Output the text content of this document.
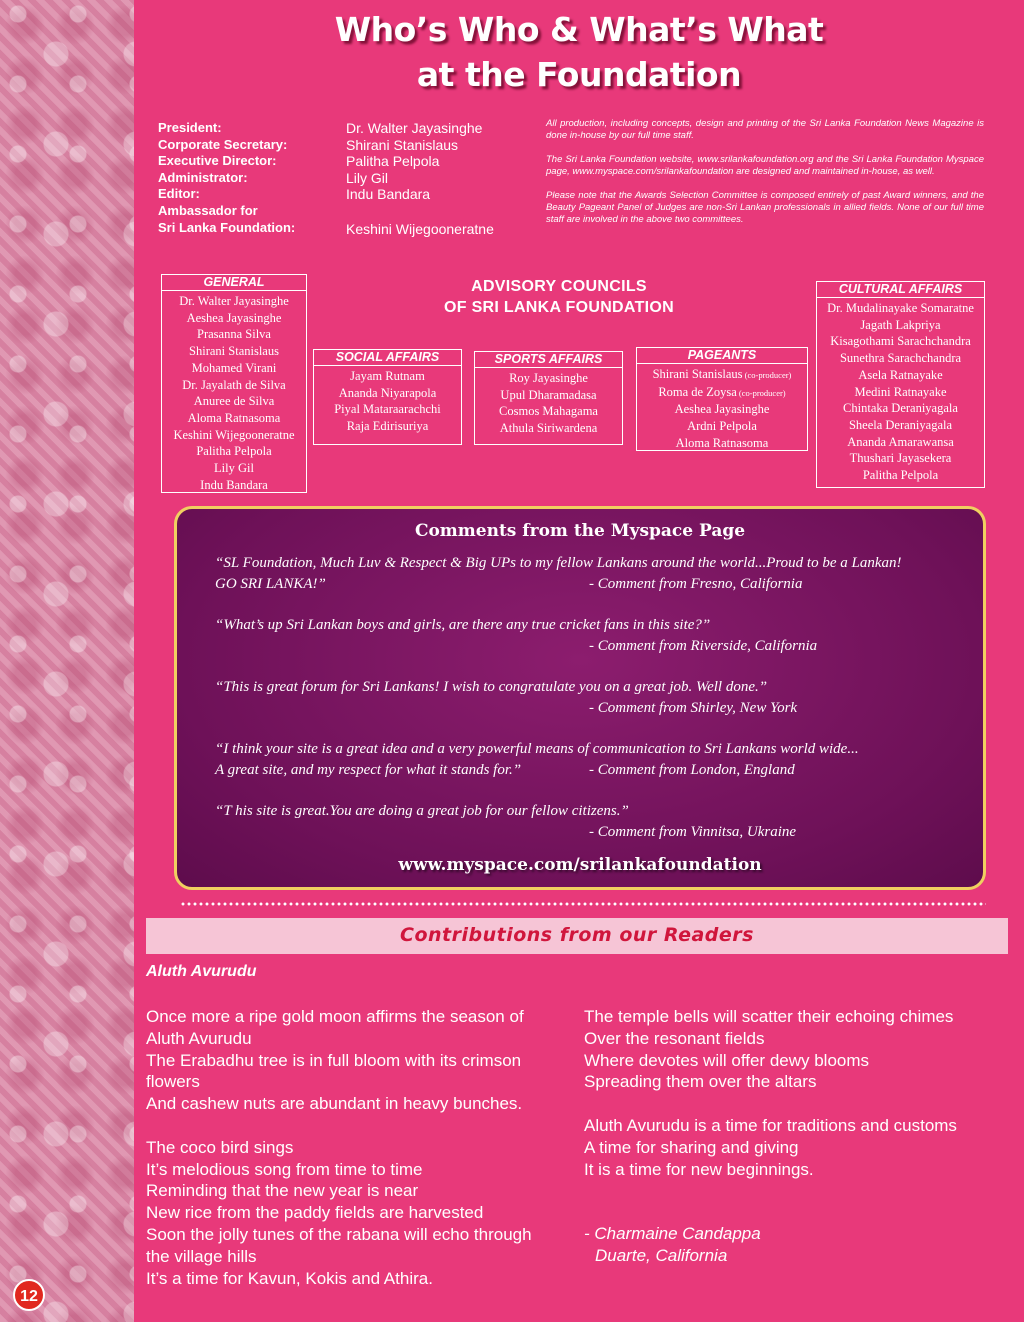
Who’s Who & What’s What
at the Foundation
President:
Corporate Secretary:
Executive Director:
Administrator:
Editor:
Ambassador for
Sri Lanka Foundation:
Dr. Walter Jayasinghe
Shirani Stanislaus
Palitha Pelpola
Lily Gil
Indu Bandara
Keshini Wijegooneratne

All production, including concepts, design and printing of the Sri Lanka Foundation News Magazine is done in-house by our full time staff.

The Sri Lanka Foundation website, www.srilankafoundation.org and the Sri Lanka Foundation Myspace page, www.myspace.com/srilankafoundation are designed and maintained in-house, as well.

Please note that the Awards Selection Committee is composed entirely of past Award winners, and the Beauty Pageant Panel of Judges are non-Sri Lankan professionals in allied fields. None of our full time staff are involved in the above two committees.

ADVISORY COUNCILS
OF SRI LANKA FOUNDATION
GENERAL
Dr. Walter Jayasinghe
Aeshea Jayasinghe
Prasanna Silva
Shirani Stanislaus
Mohamed Virani
Dr. Jayalath de Silva
Anuree de Silva
Aloma Ratnasoma
Keshini Wijegooneratne
Palitha Pelpola
Lily Gil
Indu Bandara
SOCIAL AFFAIRS
Jayam Rutnam
Ananda Niyarapola
Piyal Mataraarachchi
Raja Edirisuriya
SPORTS AFFAIRS
Roy Jayasinghe
Upul Dharamadasa
Cosmos Mahagama
Athula Siriwardena
PAGEANTS
Shirani Stanislaus (co-producer)
Roma de Zoysa (co-producer)
Aeshea Jayasinghe
Ardni Pelpola
Aloma Ratnasoma
CULTURAL AFFAIRS
Dr. Mudalinayake Somaratne
Jagath Lakpriya
Kisagothami Sarachchandra
Sunethra Sarachchandra
Asela Ratnayake
Medini Ratnayake
Chintaka Deraniyagala
Sheela Deraniyagala
Ananda Amarawansa
Thushari Jayasekera
Palitha Pelpola
Comments from the Myspace Page
“SL Foundation, Much Luv & Respect & Big UPs to my fellow Lankans around the world...Proud to be a Lankan!
GO SRI LANKA!”	- Comment from Fresno, California
“What’s up Sri Lankan boys and girls, are there any true cricket fans in this site?”
- Comment from Riverside, California
“This is great forum for Sri Lankans! I wish to congratulate you on a great job. Well done.”
- Comment from Shirley, New York
“I think your site is a great idea and a very powerful means of communication to Sri Lankans world wide...
A great site, and my respect for what it stands for.”	- Comment from London, England
“T his site is great.You are doing a great job for our fellow citizens.”
- Comment from Vinnitsa, Ukraine
www.myspace.com/srilankafoundation
Contributions from our Readers
Aluth Avurudu
Once more a ripe gold moon affirms the season of
Aluth Avurudu
The Erabadhu tree is in full bloom with its crimson
flowers
And cashew nuts are abundant in heavy bunches.
The coco bird sings
It’s melodious song from time to time
Reminding that the new year is near
New rice from the paddy fields are harvested
Soon the jolly tunes of the rabana will echo through
the village hills
It’s a time for Kavun, Kokis and Athira.
The temple bells will scatter their echoing chimes
Over the resonant fields
Where devotes will offer dewy blooms
Spreading them over the altars
Aluth Avurudu is a time for traditions and customs
A time for sharing and giving
It is a time for new beginnings.
- Charmaine Candappa
Duarte, California
12
